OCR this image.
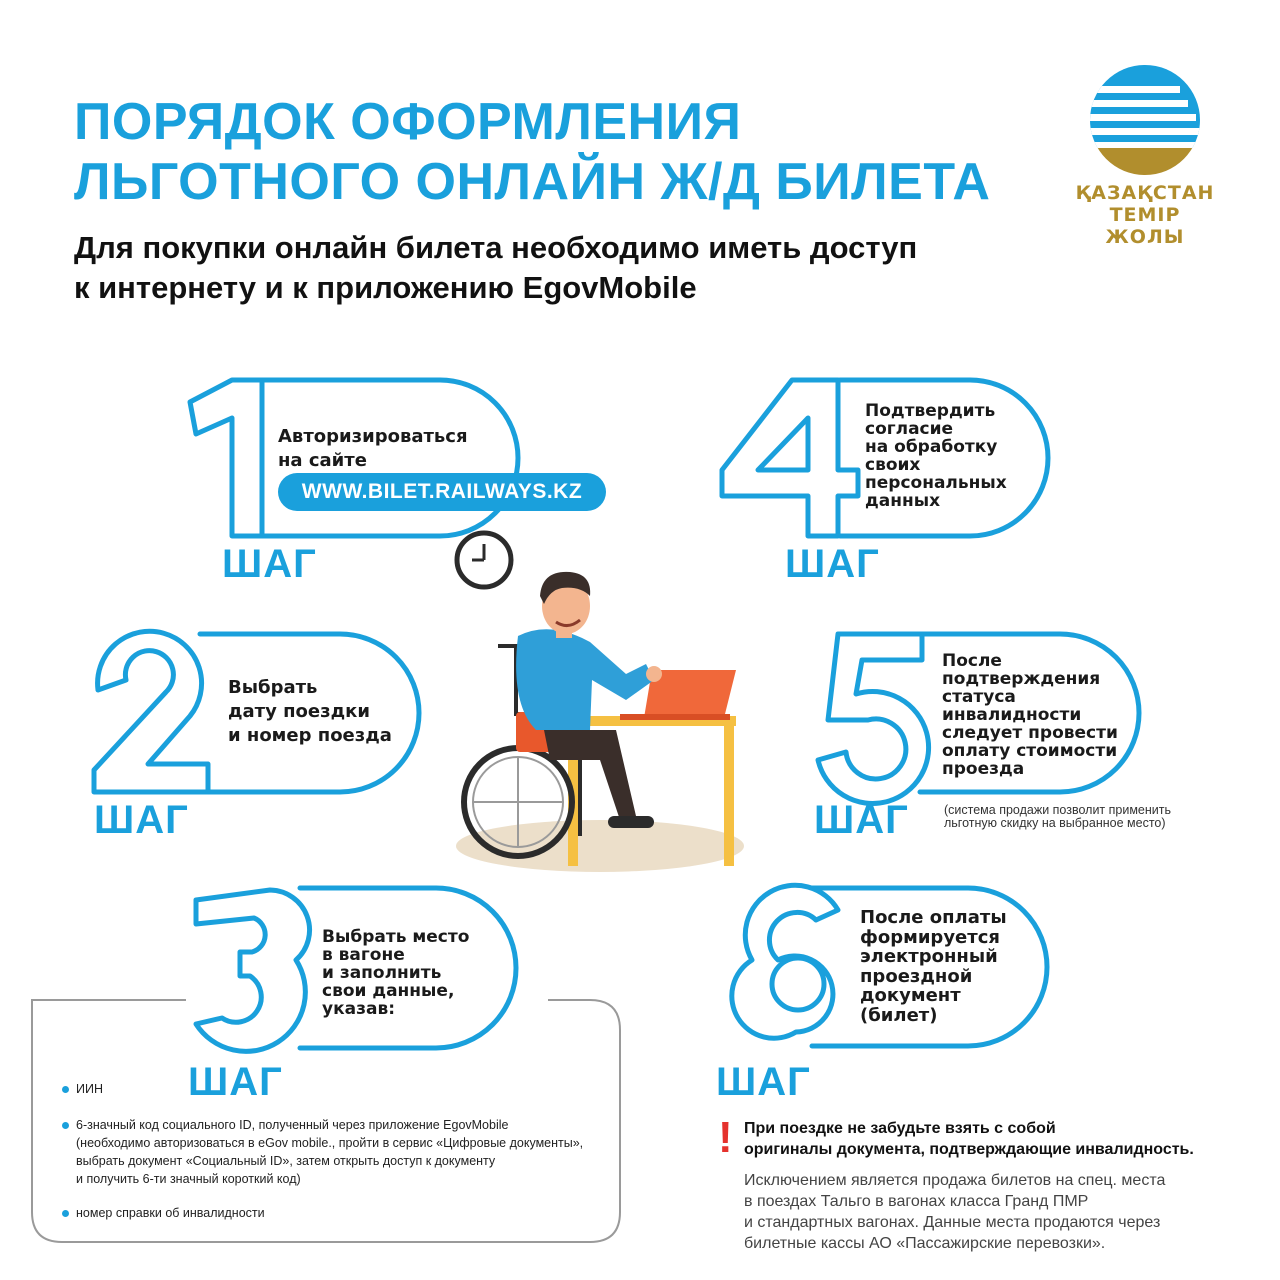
ПОРЯДОК ОФОРМЛЕНИЯ
ЛЬГОТНОГО ОНЛАЙН Ж/Д БИЛЕТА
Для покупки онлайн билета необходимо иметь доступ
к интернету и к приложению EgovMobile
ҚАЗАҚСТАН
ТЕМІР
ЖОЛЫ
WWW.BILET.RAILWAYS.KZ
Авторизироваться
на сайте
ШАГ
Подтвердить
согласие
на обработку
своих
персональных
данных
ШАГ
Выбрать
дату поездки
и номер поезда
ШАГ
После
подтверждения
статуса
инвалидности
следует провести
оплату стоимости
проезда
ШАГ	(система продажи позволит применить
льготную скидку на выбранное место)
Выбрать место
в вагоне
и заполнить
свои данные,
указав:
ШАГ
После оплаты
формируется
электронный
проездной
документ
(билет)
ШАГ
ИИН
6-значный код социального ID, полученный через приложение EgovMobile
(необходимо авторизоваться в eGov mobile., пройти в сервис «Цифровые документы»,
выбрать документ «Социальный ID», затем открыть доступ к документу
и получить 6-ти значный короткий код)
номер справки об инвалидности
! При поездке не забудьте взять с собой
оригиналы документа, подтверждающие инвалидность.
Исключением является продажа билетов на спец. места
в поездах Тальго в вагонах класса Гранд ПМР
и стандартных вагонах. Данные места продаются через
билетные кассы АО «Пассажирские перевозки».
